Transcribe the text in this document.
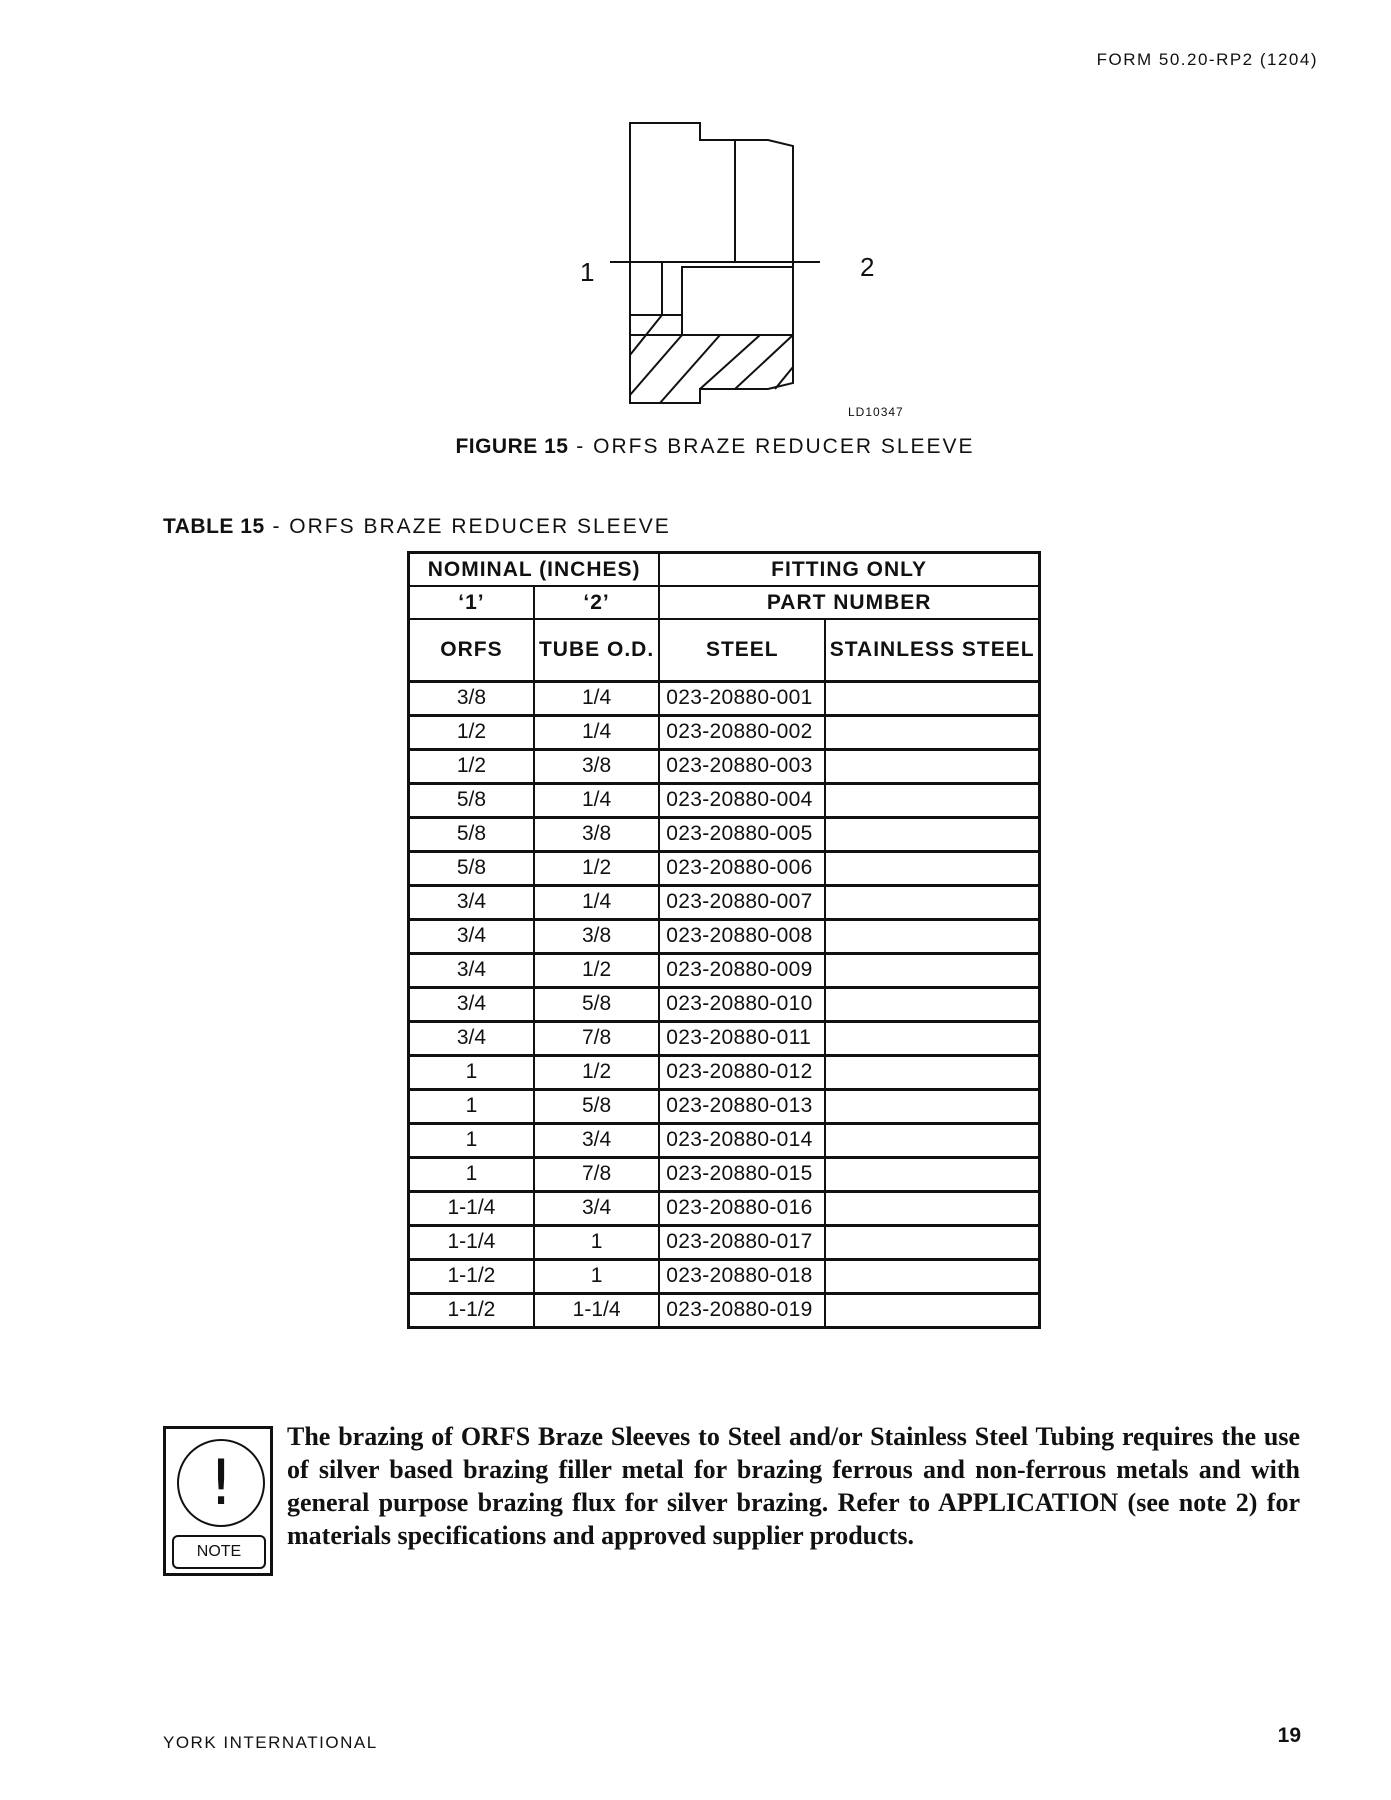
FORM 50.20-RP2 (1204)
1	2
LD10347
FIGURE 15 - ORFS BRAZE REDUCER SLEEVE
TABLE 15 - ORFS BRAZE REDUCER SLEEVE
NOMINAL (INCHES)		FITTING ONLY	
‘1’	‘2’	PART NUMBER	
ORFS	TUBE O.D.	STEEL	STAINLESS STEEL
3/8	1/4	023-20880-001	
1/2	1/4	023-20880-002	
1/2	3/8	023-20880-003	
5/8	1/4	023-20880-004	
5/8	3/8	023-20880-005	
5/8	1/2	023-20880-006	
3/4	1/4	023-20880-007	
3/4	3/8	023-20880-008	
3/4	1/2	023-20880-009	
3/4	5/8	023-20880-010	
3/4	7/8	023-20880-011	
1	1/2	023-20880-012	
1	5/8	023-20880-013	
1	3/4	023-20880-014	
1	7/8	023-20880-015	
1-1/4	3/4	023-20880-016	
1-1/4	1	023-20880-017	
1-1/2	1	023-20880-018	
1-1/2	1-1/4	023-20880-019	
!
NOTE
The brazing of ORFS Braze Sleeves to Steel and/or Stainless Steel Tubing requires the use of silver based brazing filler metal for brazing ferrous and non-ferrous metals and with general purpose brazing flux for silver brazing. Refer to APPLICATION (see note 2) for materials specifications and approved supplier products.
YORK INTERNATIONAL	19
